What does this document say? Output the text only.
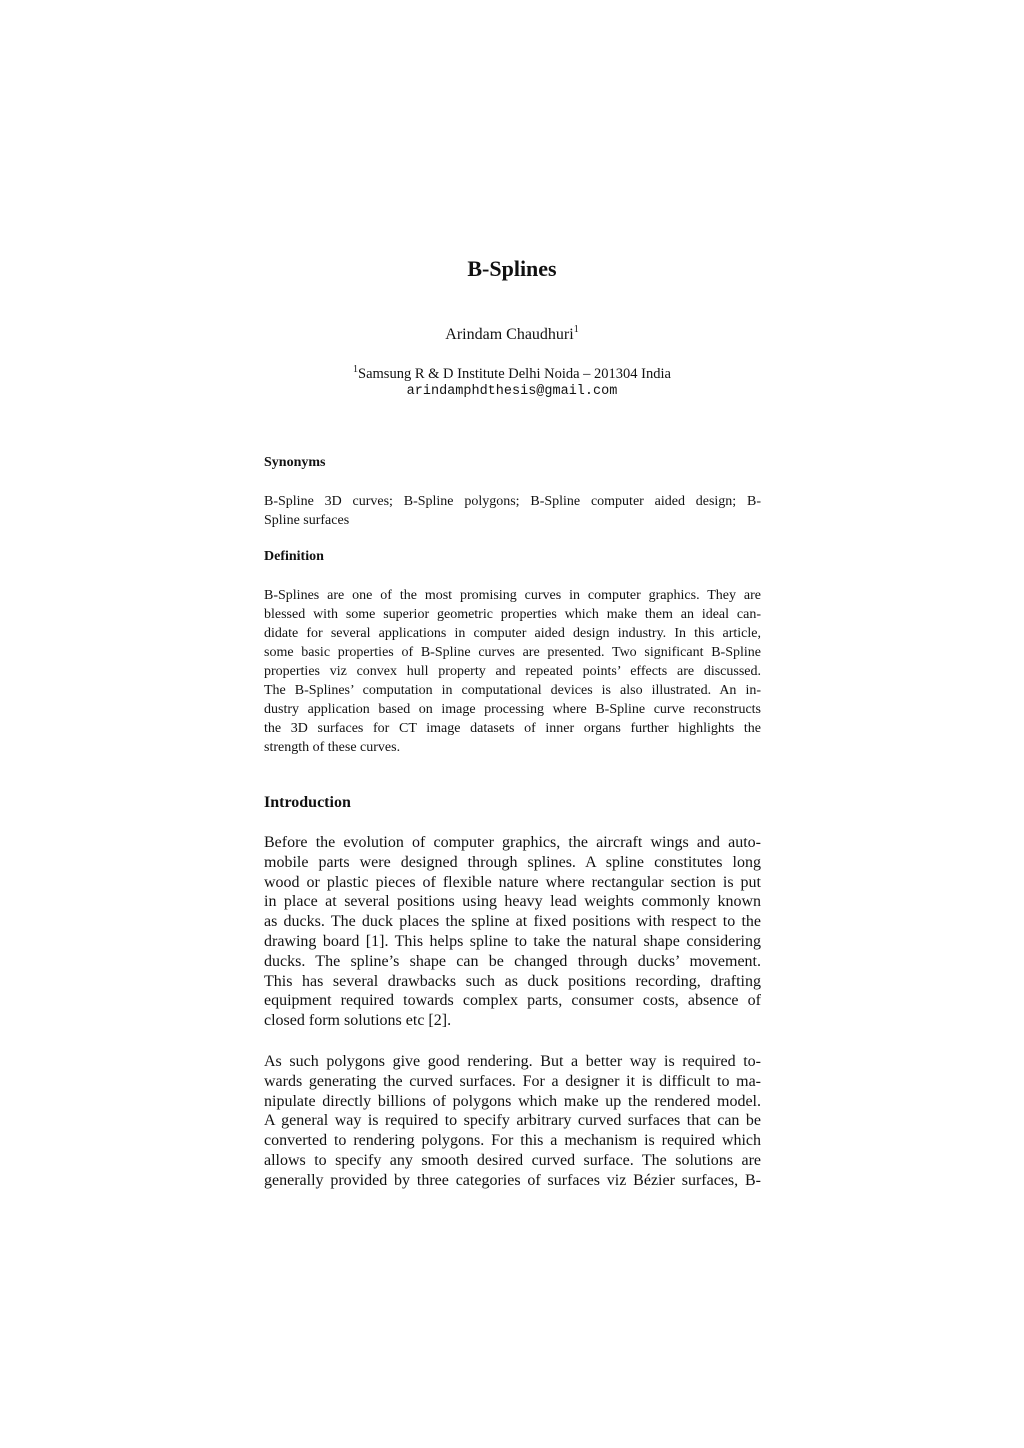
B-Splines
Arindam Chaudhuri$^1$
$^1$Samsung R & D Institute Delhi Noida – 201304 India
arindamphdthesis@gmail.com
Synonyms

B-Spline 3D curves; B-Spline polygons; B-Spline computer aided design; B-
Spline surfaces

Definition

B-Splines are one of the most promising curves in computer graphics. They are
blessed with some superior geometric properties which make them an ideal can-
didate for several applications in computer aided design industry. In this article,
some basic properties of B-Spline curves are presented. Two significant B-Spline
properties viz convex hull property and repeated points’ effects are discussed.
The B-Splines’ computation in computational devices is also illustrated. An in-
dustry application based on image processing where B-Spline curve reconstructs
the 3D surfaces for CT image datasets of inner organs further highlights the
strength of these curves.

Introduction

Before the evolution of computer graphics, the aircraft wings and auto-
mobile parts were designed through splines. A spline constitutes long
wood or plastic pieces of flexible nature where rectangular section is put
in place at several positions using heavy lead weights commonly known
as ducks. The duck places the spline at fixed positions with respect to the
drawing board [1]. This helps spline to take the natural shape considering
ducks. The spline’s shape can be changed through ducks’ movement.
This has several drawbacks such as duck positions recording, drafting
equipment required towards complex parts, consumer costs, absence of
closed form solutions etc [2].

As such polygons give good rendering. But a better way is required to-
wards generating the curved surfaces. For a designer it is difficult to ma-
nipulate directly billions of polygons which make up the rendered model.
A general way is required to specify arbitrary curved surfaces that can be
converted to rendering polygons. For this a mechanism is required which
allows to specify any smooth desired curved surface. The solutions are
generally provided by three categories of surfaces viz Bézier surfaces, B-
